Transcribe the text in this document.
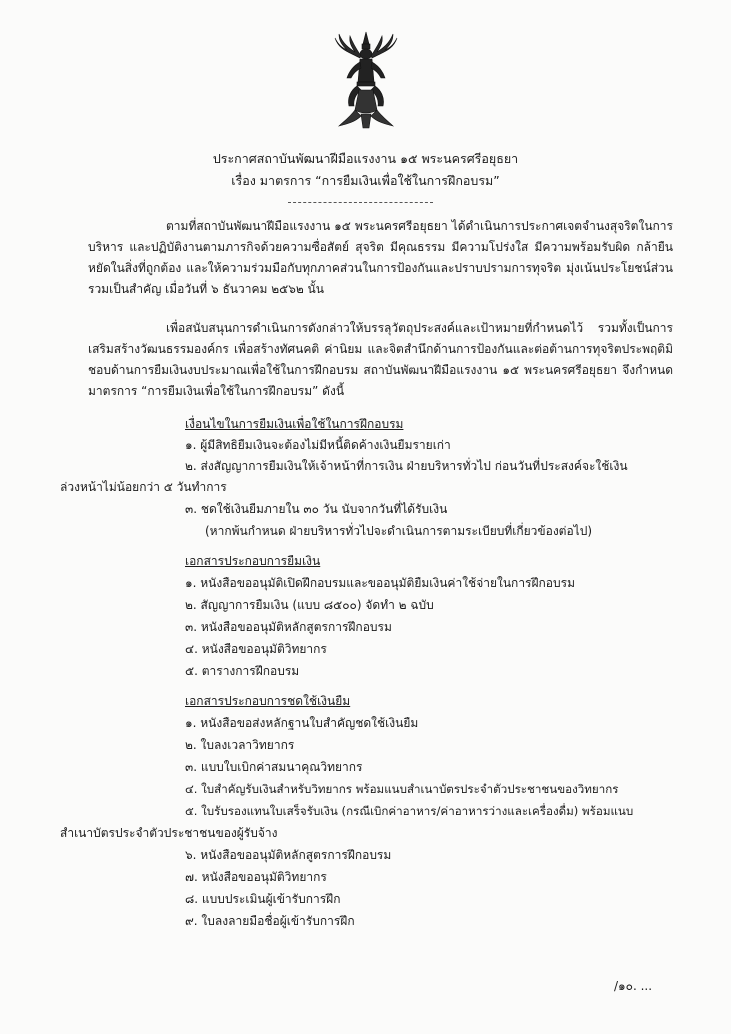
ประกาศสถาบันพัฒนาฝีมือแรงงาน ๑๕ พระนครศรีอยุธยา
เรื่อง มาตรการ “การยืมเงินเพื่อใช้ในการฝึกอบรม”

ตามที่สถาบันพัฒนาฝีมือแรงงาน ๑๕ พระนครศรีอยุธยา ได้ดำเนินการประกาศเจตจำนงสุจริตในการบริหาร และปฏิบัติงานตามภารกิจด้วยความซื่อสัตย์ สุจริต มีคุณธรรม มีความโปร่งใส มีความพร้อมรับผิด กล้ายืนหยัดในสิ่งที่ถูกต้อง และให้ความร่วมมือกับทุกภาคส่วนในการป้องกันและปราบปรามการทุจริต มุ่งเน้นประโยชน์ส่วนรวมเป็นสำคัญ เมื่อวันที่ ๖ ธันวาคม ๒๕๖๒ นั้น

เพื่อสนับสนุนการดำเนินการดังกล่าวให้บรรลุวัตถุประสงค์และเป้าหมายที่กำหนดไว้ รวมทั้งเป็นการเสริมสร้างวัฒนธรรมองค์กร เพื่อสร้างทัศนคติ ค่านิยม และจิตสำนึกด้านการป้องกันและต่อต้านการทุจริตประพฤติมิชอบด้านการยืมเงินงบประมาณเพื่อใช้ในการฝึกอบรม สถาบันพัฒนาฝีมือแรงงาน ๑๕ พระนครศรีอยุธยา จึงกำหนดมาตรการ “การยืมเงินเพื่อใช้ในการฝึกอบรม” ดังนี้

เงื่อนไขในการยืมเงินเพื่อใช้ในการฝึกอบรม
๑. ผู้มีสิทธิยืมเงินจะต้องไม่มีหนี้ติดค้างเงินยืมรายเก่า
๒. ส่งสัญญาการยืมเงินให้เจ้าหน้าที่การเงิน ฝ่ายบริหารทั่วไป ก่อนวันที่ประสงค์จะใช้เงิน
ล่วงหน้าไม่น้อยกว่า ๕ วันทำการ
๓. ชดใช้เงินยืมภายใน ๓๐ วัน นับจากวันที่ได้รับเงิน
(หากพ้นกำหนด ฝ่ายบริหารทั่วไปจะดำเนินการตามระเบียบที่เกี่ยวข้องต่อไป)
เอกสารประกอบการยืมเงิน
๑. หนังสือขออนุมัติเปิดฝึกอบรมและขออนุมัติยืมเงินค่าใช้จ่ายในการฝึกอบรม
๒. สัญญาการยืมเงิน (แบบ ๘๕๐๐) จัดทำ ๒ ฉบับ
๓. หนังสือขออนุมัติหลักสูตรการฝึกอบรม
๔. หนังสือขออนุมัติวิทยากร
๕. ตารางการฝึกอบรม
เอกสารประกอบการชดใช้เงินยืม
๑. หนังสือขอส่งหลักฐานใบสำคัญชดใช้เงินยืม
๒. ใบลงเวลาวิทยากร
๓. แบบใบเบิกค่าสมนาคุณวิทยากร
๔. ใบสำคัญรับเงินสำหรับวิทยากร พร้อมแนบสำเนาบัตรประจำตัวประชาชนของวิทยากร
๕. ใบรับรองแทนใบเสร็จรับเงิน (กรณีเบิกค่าอาหาร/ค่าอาหารว่างและเครื่องดื่ม) พร้อมแนบ
สำเนาบัตรประจำตัวประชาชนของผู้รับจ้าง
๖. หนังสือขออนุมัติหลักสูตรการฝึกอบรม
๗. หนังสือขออนุมัติวิทยากร
๘. แบบประเมินผู้เข้ารับการฝึก
๙. ใบลงลายมือชื่อผู้เข้ารับการฝึก
/๑๐. ...
